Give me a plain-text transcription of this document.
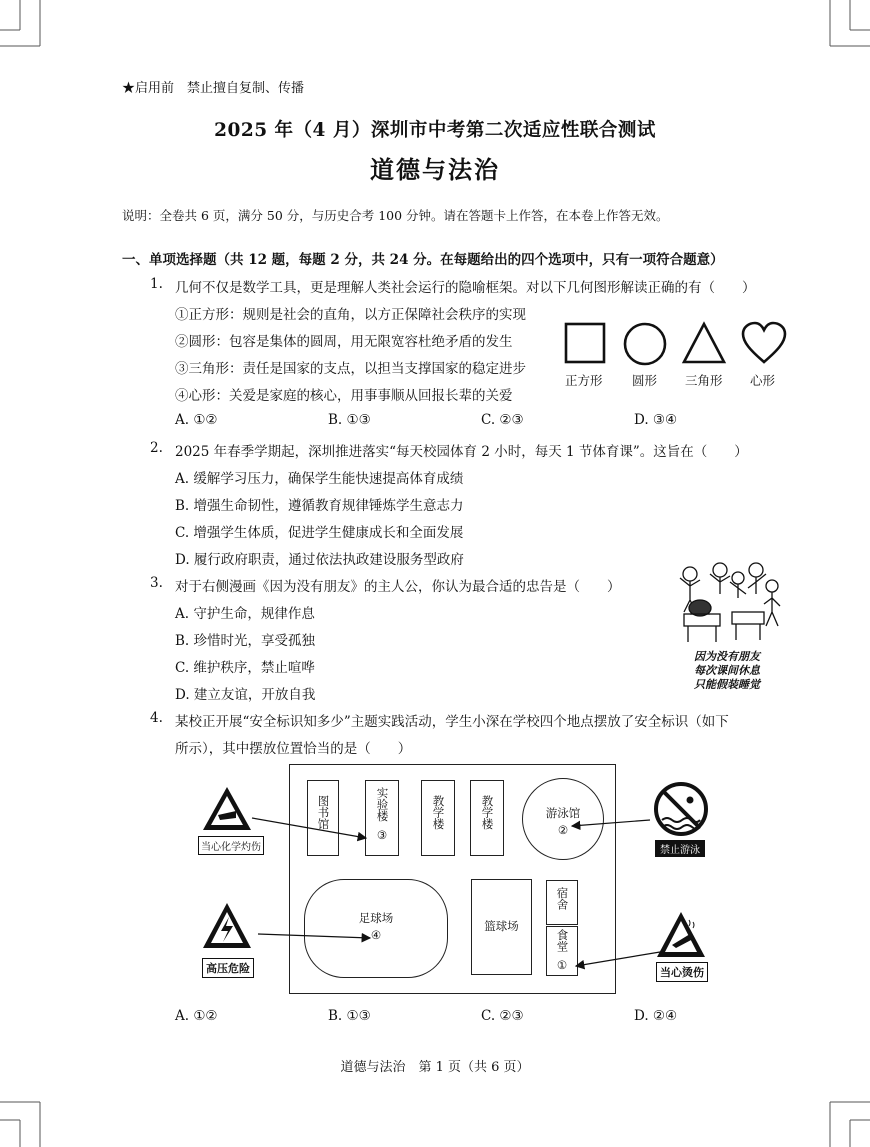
★启用前　禁止擅自复制、传播
2025 年（4 月）深圳市中考第二次适应性联合测试
道德与法治
说明：全卷共 6 页，满分 50 分，与历史合考 100 分钟。请在答题卡上作答，在本卷上作答无效。
一、单项选择题（共 12 题，每题 2 分，共 24 分。在每题给出的四个选项中，只有一项符合题意）
1. 几何不仅是数学工具，更是理解人类社会运行的隐喻框架。对以下几何图形解读正确的有（　　）
①正方形：规则是社会的直角，以方正保障社会秩序的实现
②圆形：包容是集体的圆周，用无限宽容杜绝矛盾的发生
③三角形：责任是国家的支点，以担当支撑国家的稳定进步
④心形：关爱是家庭的核心，用事事顺从回报长辈的关爱
正方形 圆形 三角形 心形
A. ①②	B. ①③	C. ②③	D. ③④
2. 2025 年春季学期起，深圳推进落实“每天校园体育 2 小时，每天 1 节体育课”。这旨在（　　）
A. 缓解学习压力，确保学生能快速提高体育成绩
B. 增强生命韧性，遵循教育规律锤炼学生意志力
C. 增强学生体质，促进学生健康成长和全面发展
D. 履行政府职责，通过依法执政建设服务型政府
3. 对于右侧漫画《因为没有朋友》的主人公，你认为最合适的忠告是（　　）
A. 守护生命，规律作息
B. 珍惜时光，享受孤独
C. 维护秩序，禁止喧哗
D. 建立友谊，开放自我
因为没有朋友
每次课间休息
只能假装睡觉
4. 某校正开展“安全标识知多少”主题实践活动，学生小深在学校四个地点摆放了安全标识（如下
所示），其中摆放位置恰当的是（　　）
图书馆	实验楼
③
教学楼	教学楼	游泳馆
②
足球场
④
篮球场
宿舍
食堂
①
当心化学灼伤	禁止游泳
高压危险	当心烫伤
A. ①②	B. ①③	C. ②③	D. ②④
道德与法治　第 1 页（共 6 页）
